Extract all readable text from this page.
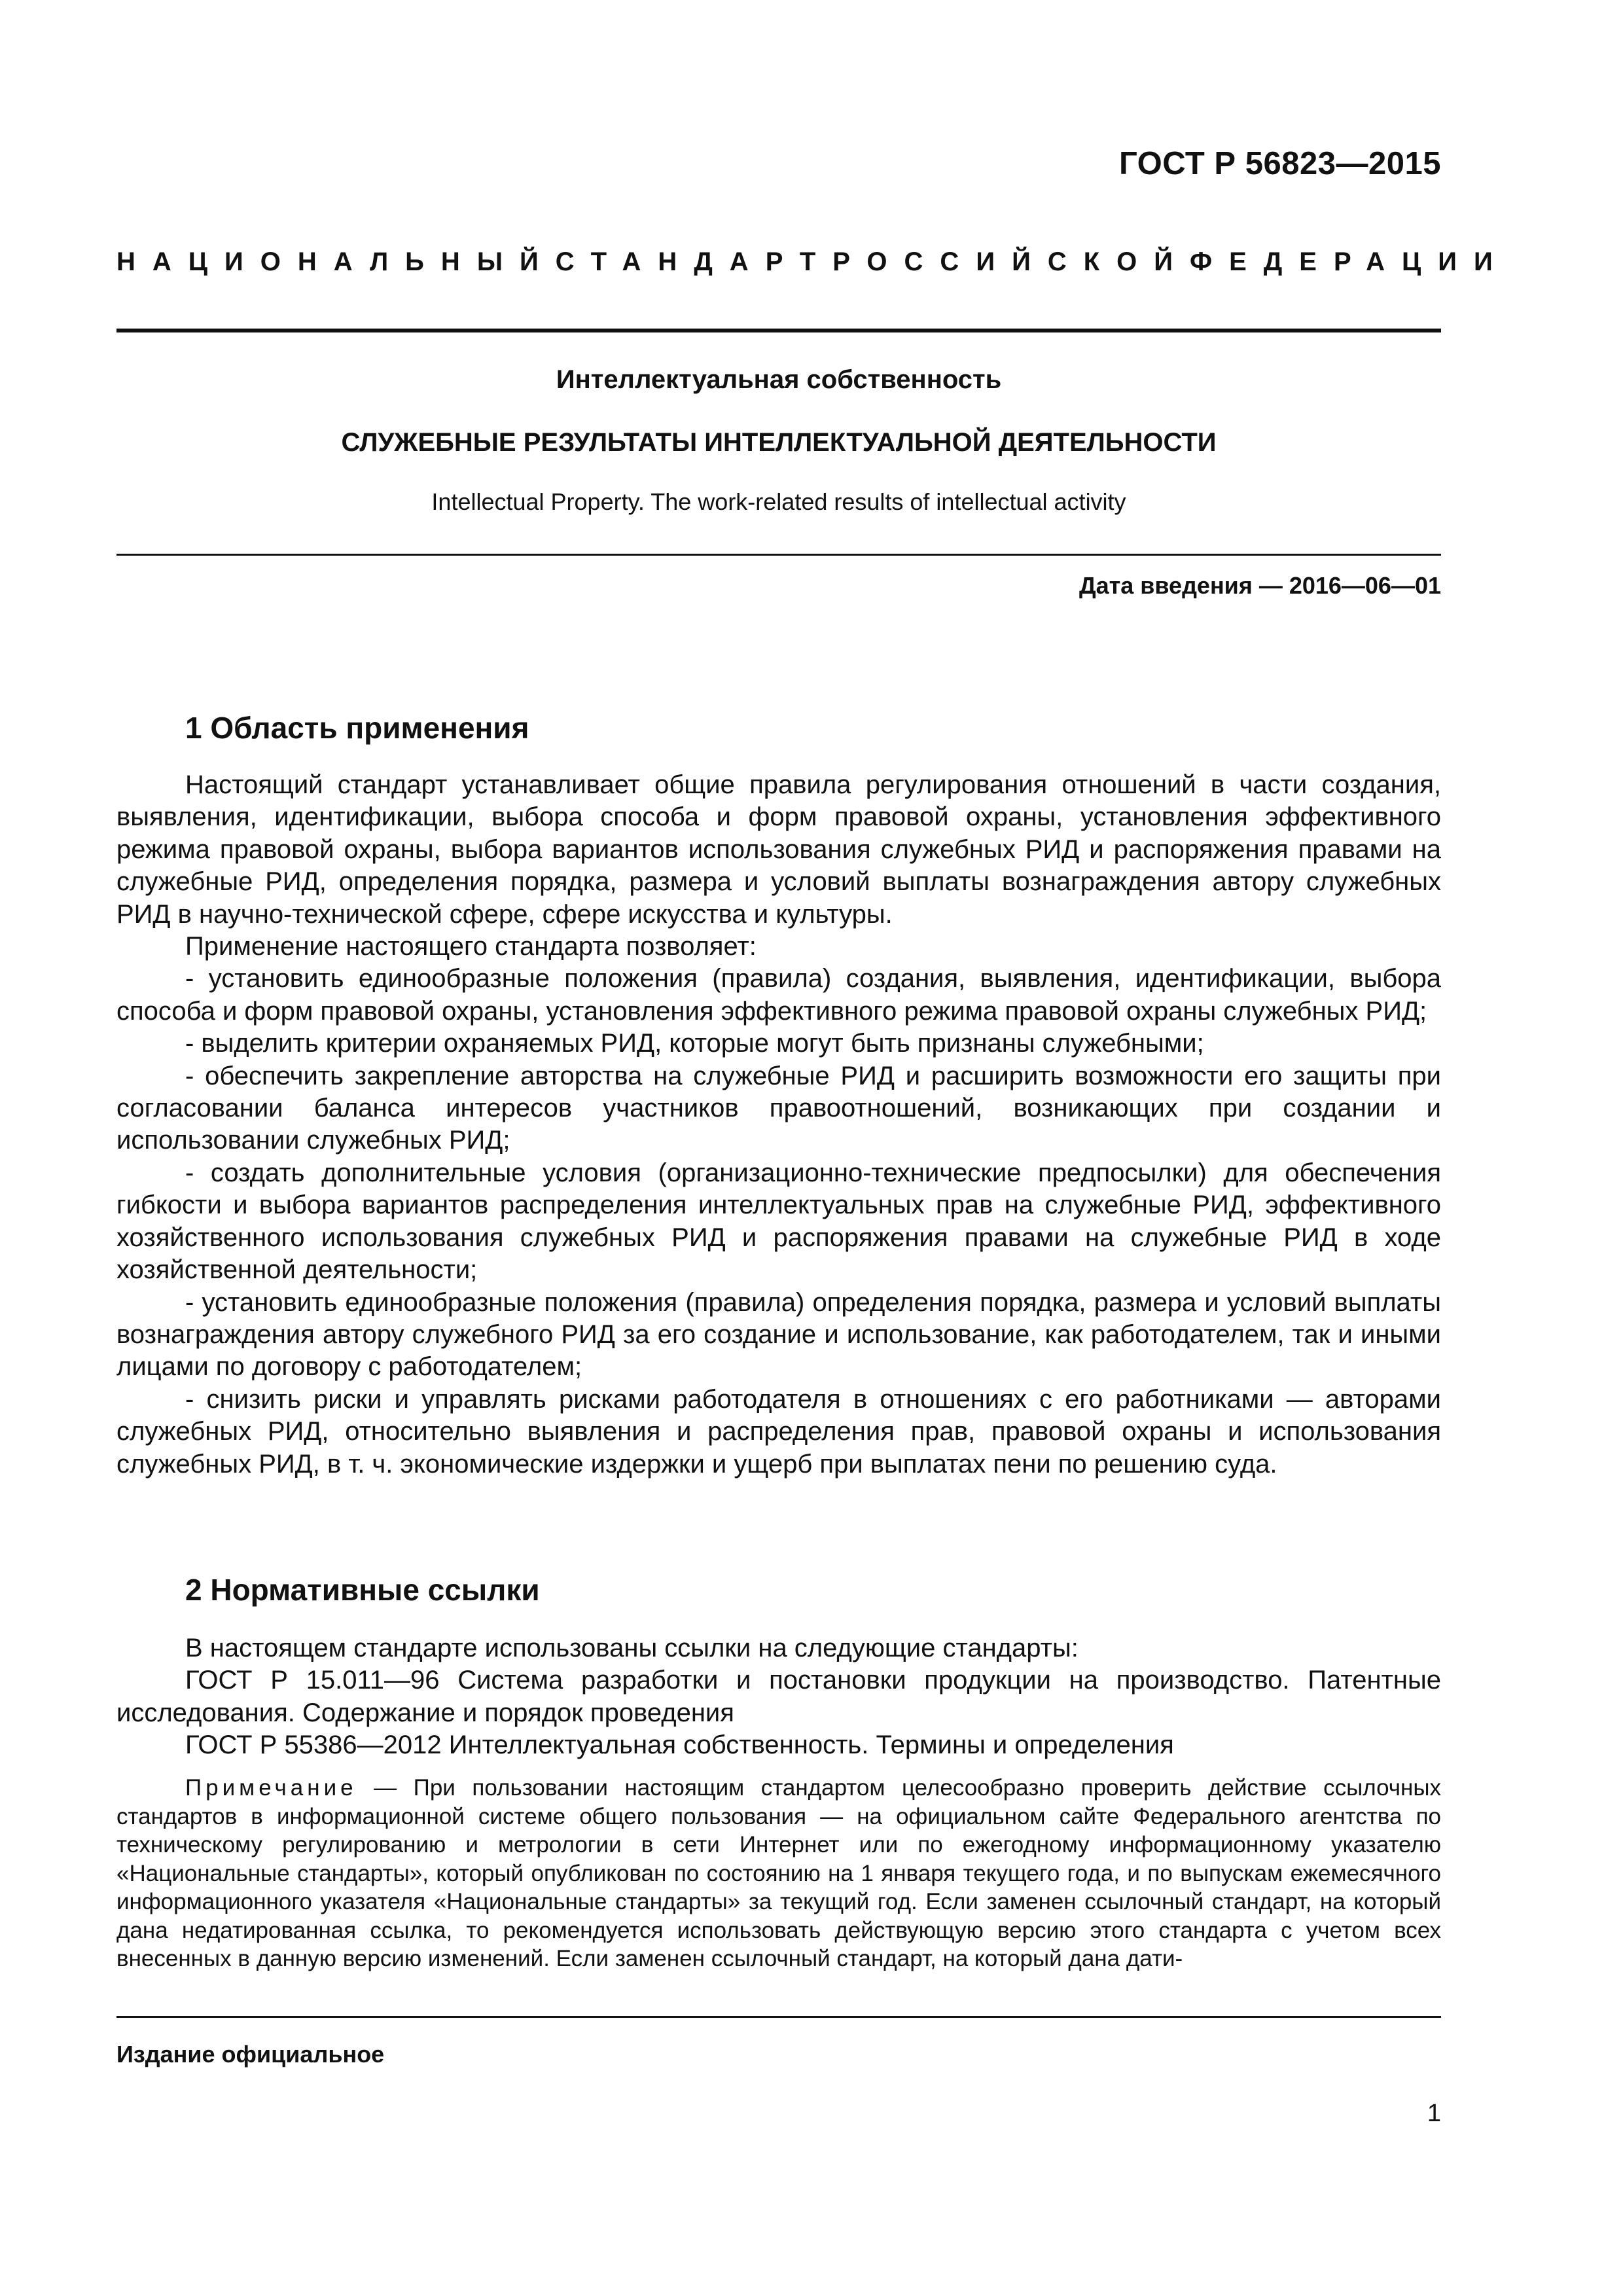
ГОСТ Р 56823—2015
НАЦИОНАЛЬНЫЙ СТАНДАРТ РОССИЙСКОЙ ФЕДЕРАЦИИ
Интеллектуальная собственность
СЛУЖЕБНЫЕ РЕЗУЛЬТАТЫ ИНТЕЛЛЕКТУАЛЬНОЙ ДЕЯТЕЛЬНОСТИ
Intellectual Property. The work-related results of intellectual activity
Дата введения — 2016—06—01
1 Область применения

Настоящий стандарт устанавливает общие правила регулирования отношений в части создания, выявления, идентификации, выбора способа и форм правовой охраны, установления эффективного режима правовой охраны, выбора вариантов использования служебных РИД и распоряжения правами на служебные РИД, определения порядка, размера и условий выплаты вознаграждения автору служебных РИД в научно-технической сфере, сфере искусства и культуры.

Применение настоящего стандарта позволяет:

- установить единообразные положения (правила) создания, выявления, идентификации, выбора способа и форм правовой охраны, установления эффективного режима правовой охраны служебных РИД;

- выделить критерии охраняемых РИД, которые могут быть признаны служебными;

- обеспечить закрепление авторства на служебные РИД и расширить возможности его защиты при согласовании баланса интересов участников правоотношений, возникающих при создании и использовании служебных РИД;

- создать дополнительные условия (организационно-технические предпосылки) для обеспечения гибкости и выбора вариантов распределения интеллектуальных прав на служебные РИД, эффективного хозяйственного использования служебных РИД и распоряжения правами на служебные РИД в ходе хозяйственной деятельности;

- установить единообразные положения (правила) определения порядка, размера и условий выплаты вознаграждения автору служебного РИД за его создание и использование, как работодателем, так и иными лицами по договору с работодателем;

- снизить риски и управлять рисками работодателя в отношениях с его работниками — авторами служебных РИД, относительно выявления и распределения прав, правовой охраны и использования служебных РИД, в т. ч. экономические издержки и ущерб при выплатах пени по решению суда.

2 Нормативные ссылки

В настоящем стандарте использованы ссылки на следующие стандарты:

ГОСТ Р 15.011—96 Система разработки и постановки продукции на производство. Патентные исследования. Содержание и порядок проведения

ГОСТ Р 55386—2012 Интеллектуальная собственность. Термины и определения

Примечание — При пользовании настоящим стандартом целесообразно проверить действие ссылочных стандартов в информационной системе общего пользования — на официальном сайте Федерального агентства по техническому регулированию и метрологии в сети Интернет или по ежегодному информационному указателю «Национальные стандарты», который опубликован по состоянию на 1 января текущего года, и по выпускам ежемесячного информационного указателя «Национальные стандарты» за текущий год. Если заменен ссылочный стандарт, на который дана недатированная ссылка, то рекомендуется использовать действующую версию этого стандарта с учетом всех внесенных в данную версию изменений. Если заменен ссылочный стандарт, на который дана дати-
Издание официальное
1
